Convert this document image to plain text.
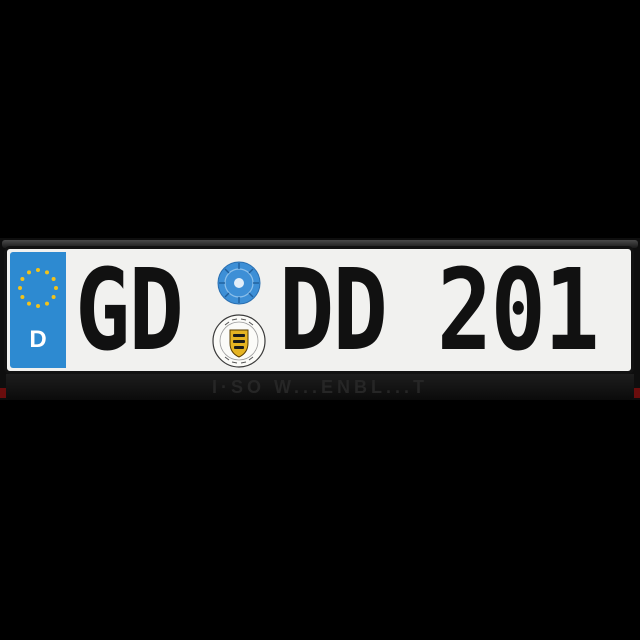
D GD DD 201
I·SO W...ENBL...T
